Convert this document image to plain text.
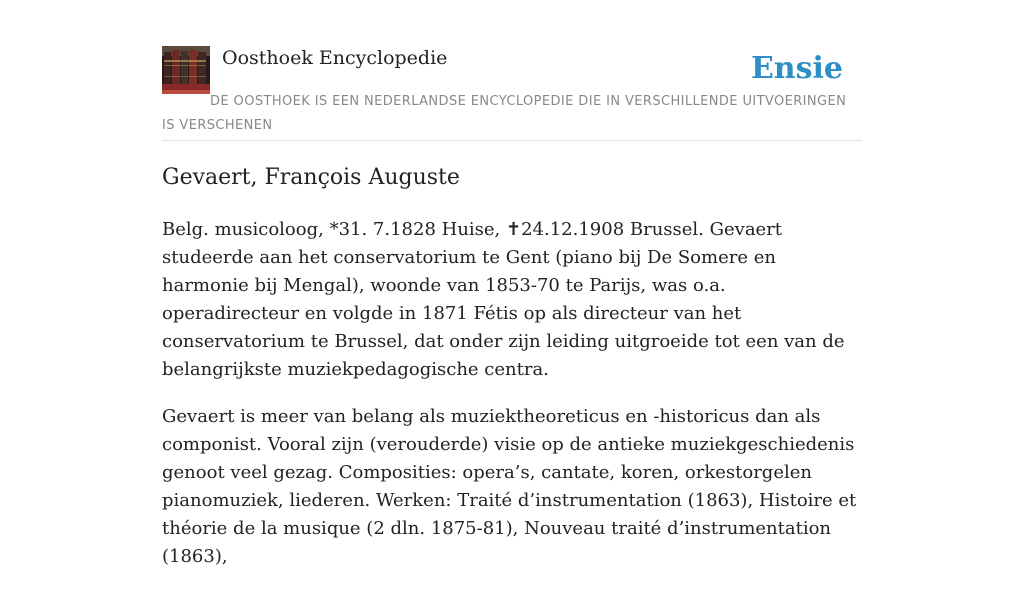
Oosthoek Encyclopedie	Ensie
DE OOSTHOEK IS EEN NEDERLANDSE ENCYCLOPEDIE DIE IN VERSCHILLENDE UITVOERINGEN IS VERSCHENEN
Gevaert, François Auguste

Belg. musicoloog, *31. 7.1828 Huise, ✝24.12.1908 Brussel. Gevaert studeerde aan het conservatorium te Gent (piano bij De Somere en harmonie bij Mengal), woonde van 1853-70 te Parijs, was o.a. operadirecteur en volgde in 1871 Fétis op als directeur van het conservatorium te Brussel, dat onder zijn leiding uitgroeide tot een van de belangrijkste muziekpedagogische centra.

Gevaert is meer van belang als muziektheoreticus en -historicus dan als componist. Vooral zijn (verouderde) visie op de antieke muziekgeschiedenis genoot veel gezag. Composities: opera’s, cantate, koren, orkestorgelen pianomuziek, liederen. Werken: Traité d’instrumentation (1863), Histoire et théorie de la musique (2 dln. 1875-81), Nouveau traité d’instrumentation (1863),
